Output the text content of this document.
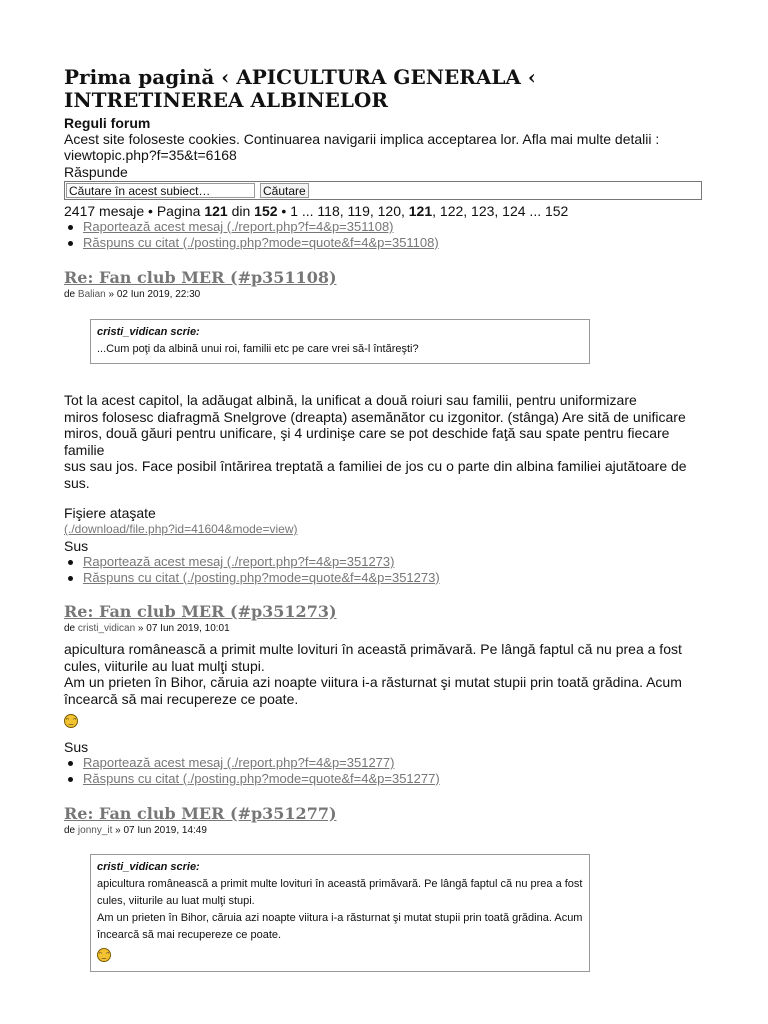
Prima pagină ‹ APICULTURA GENERALA ‹ INTRETINEREA ALBINELOR
Reguli forum
Acest site foloseste cookies. Continuarea navigarii implica acceptarea lor. Afla mai multe detalii : viewtopic.php?f=35&t=6168
Răspunde
Căutare în acest subiect…
Căutare
2417 mesaje • Pagina 121 din 152 • 1 ... 118, 119, 120, 121, 122, 123, 124 ... 152
Raportează acest mesaj (./report.php?f=4&p=351108)
Răspuns cu citat (./posting.php?mode=quote&f=4&p=351108)
Re: Fan club MER (#p351108)
de Balian » 02 Iun 2019, 22:30
cristi_vidican scrie:
...Cum poţi da albină unui roi, familii etc pe care vrei să-l întăreşti?

Tot la acest capitol, la adăugat albină, la unificat a două roiuri sau familii, pentru uniformizare

miros folosesc diafragmă Snelgrove (dreapta) asemănător cu izgonitor. (stânga) Are sită de unificare miros, două găuri pentru unificare, şi 4 urdinişe care se pot deschide faţă sau spate pentru fiecare familie

sus sau jos. Face posibil întărirea treptată a familiei de jos cu o parte din albina familiei ajutătoare de sus.

Fişiere ataşate
(./download/file.php?id=41604&mode=view)
Sus
Raportează acest mesaj (./report.php?f=4&p=351273)
Răspuns cu citat (./posting.php?mode=quote&f=4&p=351273)
Re: Fan club MER (#p351273)
de cristi_vidican » 07 Iun 2019, 10:01

apicultura românească a primit multe lovituri în această primăvară. Pe lângă faptul că nu prea a fost cules, viiturile au luat mulţi stupi.

Am un prieten în Bihor, căruia azi noapte viitura i-a răsturnat şi mutat stupii prin toată grădina. Acum încearcă să mai recupereze ce poate.

ᵔ_ᵔ

Sus
Raportează acest mesaj (./report.php?f=4&p=351277)
Răspuns cu citat (./posting.php?mode=quote&f=4&p=351277)
Re: Fan club MER (#p351277)
de jonny_it » 07 Iun 2019, 14:49
cristi_vidican scrie:
apicultura românească a primit multe lovituri în această primăvară. Pe lângă faptul că nu prea a fost cules, viiturile au luat mulţi stupi.
Am un prieten în Bihor, căruia azi noapte viitura i-a răsturnat şi mutat stupii prin toată grădina. Acum încearcă să mai recupereze ce poate.
ᵔ_ᵔ
